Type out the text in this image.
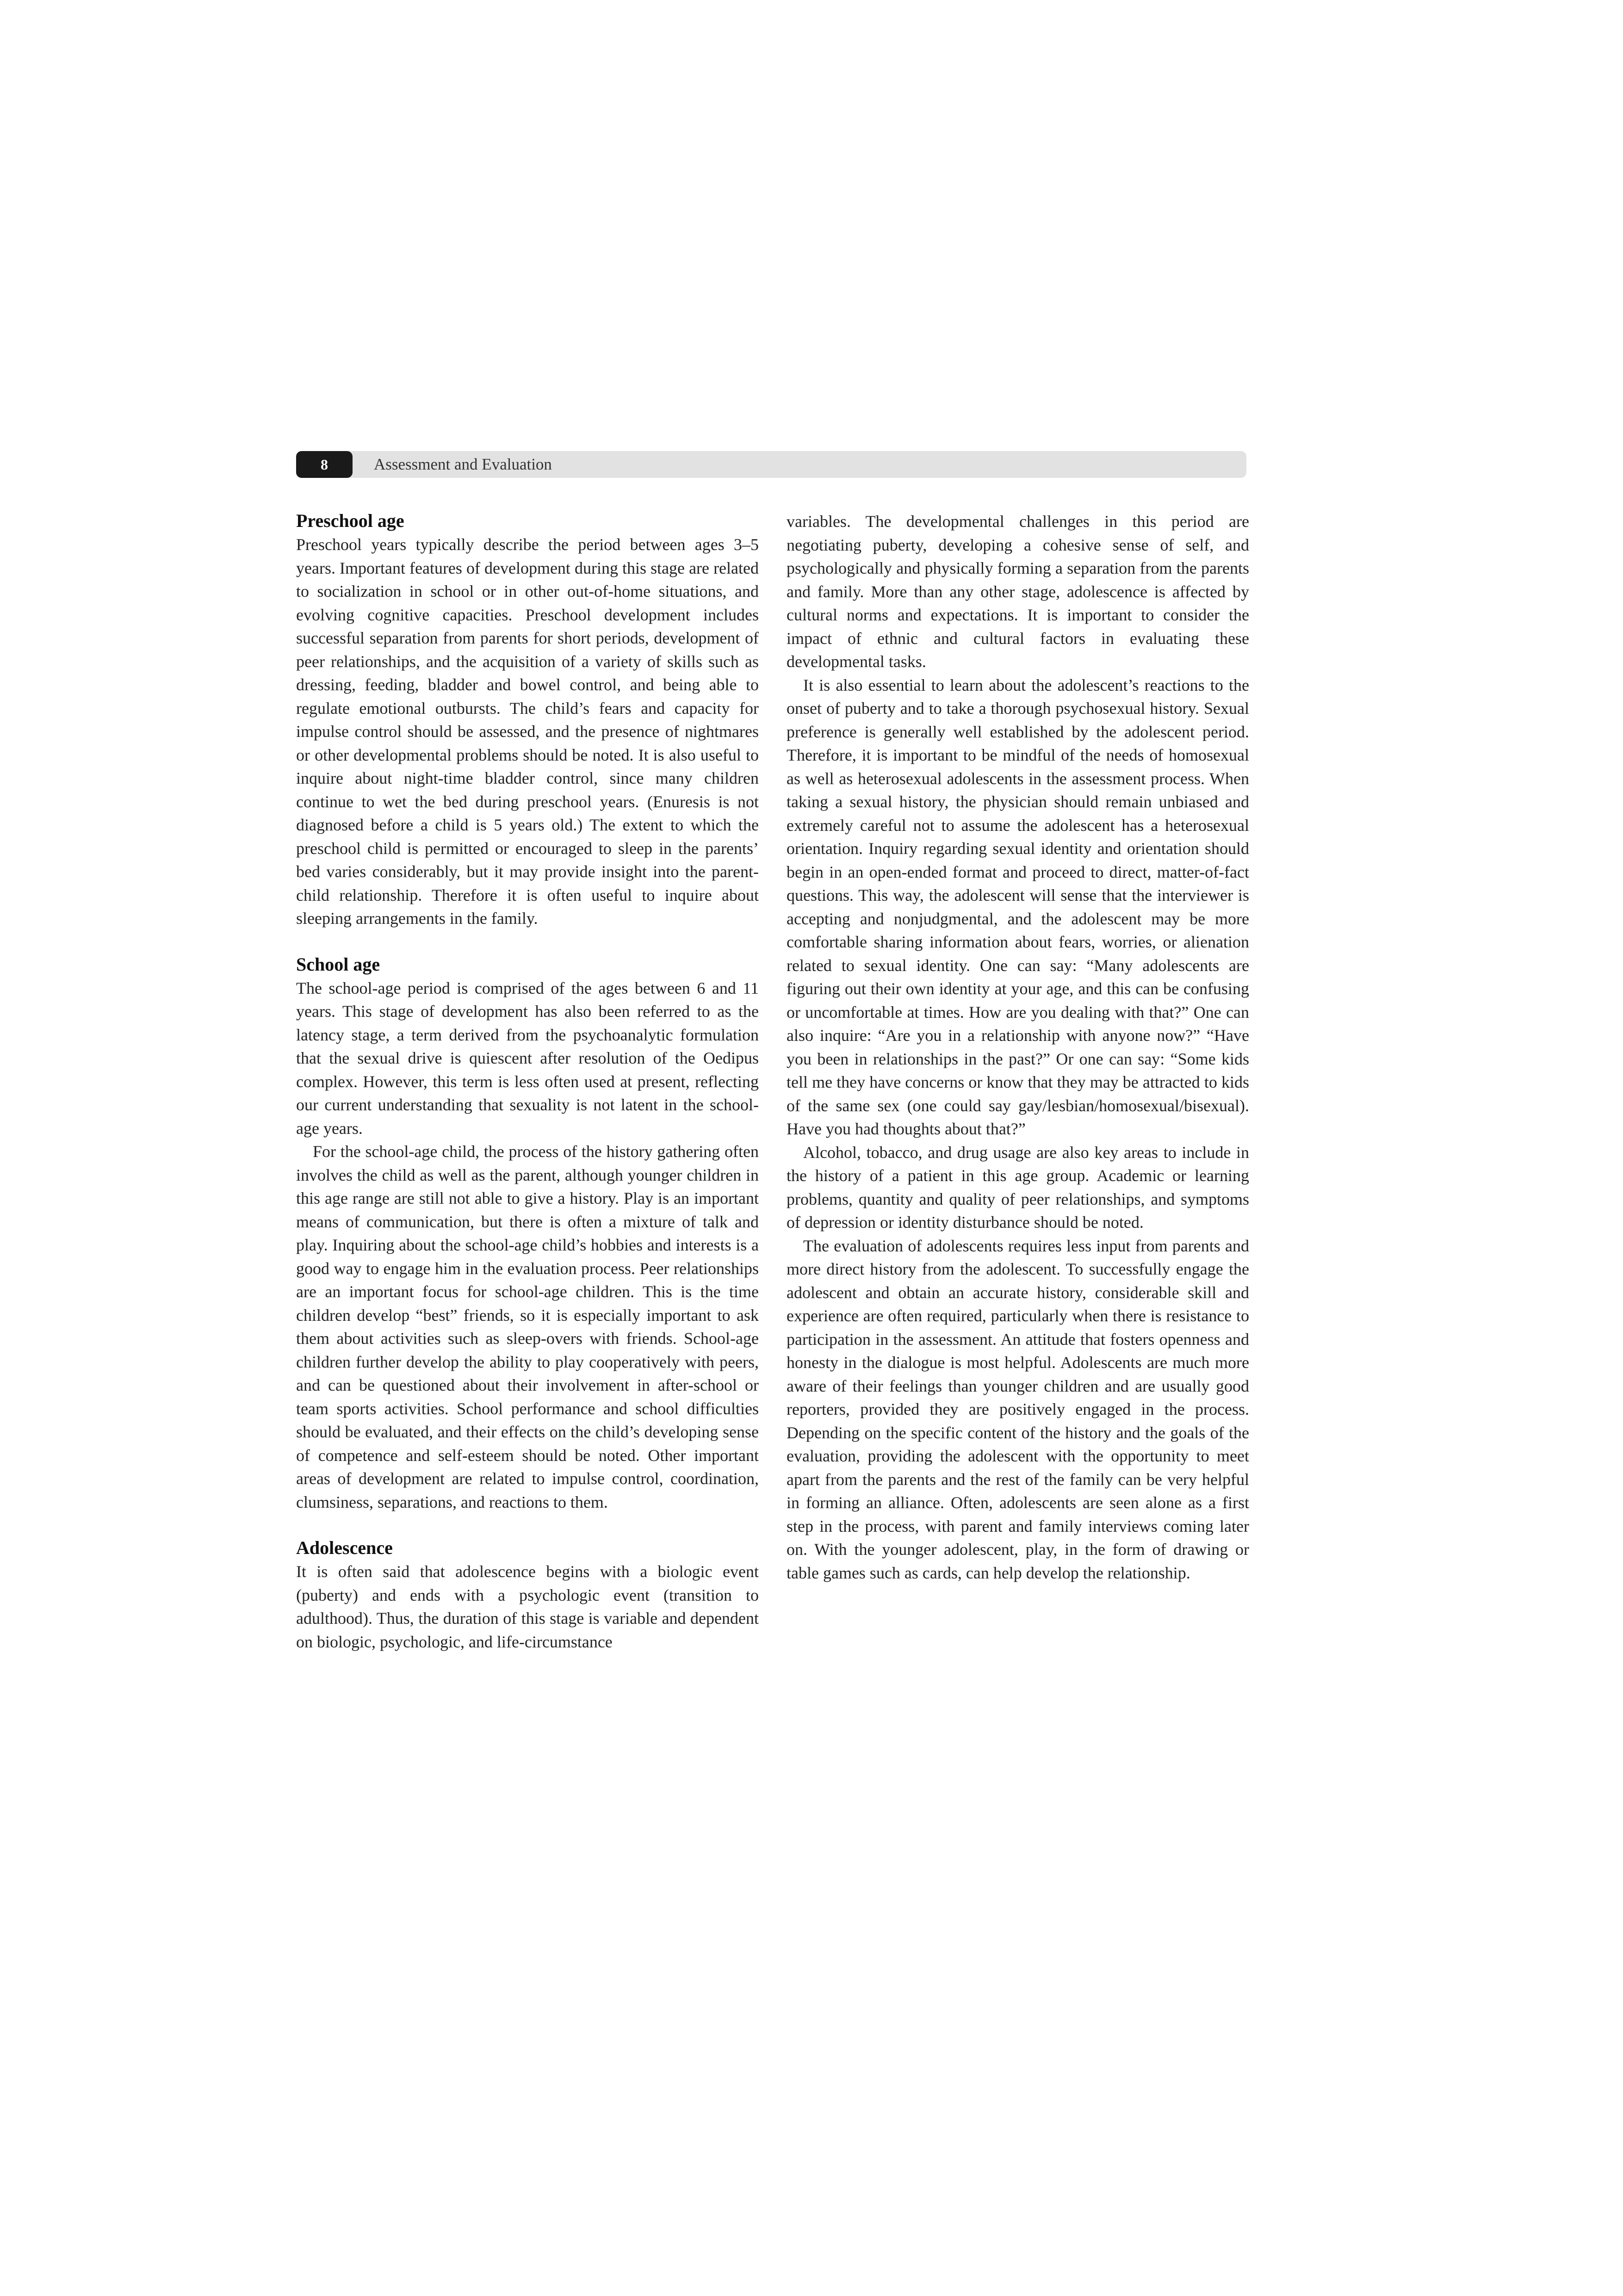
8	Assessment and Evaluation
Preschool age

Preschool years typically describe the period between ages 3–5 years. Important features of development during this stage are related to socialization in school or in other out-of-home situations, and evolving cognitive capacities. Preschool development includes successful separation from parents for short periods, development of peer relationships, and the acquisition of a variety of skills such as dressing, feeding, bladder and bowel control, and being able to regulate emotional outbursts. The child’s fears and capacity for impulse control should be assessed, and the presence of nightmares or other developmental problems should be noted. It is also useful to inquire about night-time bladder control, since many children continue to wet the bed during preschool years. (Enuresis is not diagnosed before a child is 5 years old.) The extent to which the preschool child is permitted or encouraged to sleep in the parents’ bed varies considerably, but it may provide insight into the parent-child relationship. Therefore it is often useful to inquire about sleeping arrangements in the family.

School age

The school-age period is comprised of the ages between 6 and 11 years. This stage of development has also been referred to as the latency stage, a term derived from the psychoanalytic formulation that the sexual drive is quiescent after resolution of the Oedipus complex. However, this term is less often used at present, reflecting our current understanding that sexuality is not latent in the school-age years.

For the school-age child, the process of the history gathering often involves the child as well as the parent, although younger children in this age range are still not able to give a history. Play is an important means of communication, but there is often a mixture of talk and play. Inquiring about the school-age child’s hobbies and interests is a good way to engage him in the evaluation process. Peer relationships are an important focus for school-age children. This is the time children develop “best” friends, so it is especially important to ask them about activities such as sleep-overs with friends. School-age children further develop the ability to play cooperatively with peers, and can be questioned about their involvement in after-school or team sports activities. School performance and school difficulties should be evaluated, and their effects on the child’s developing sense of competence and self-esteem should be noted. Other important areas of development are related to impulse control, coordination, clumsiness, separations, and reactions to them.

Adolescence

It is often said that adolescence begins with a biologic event (puberty) and ends with a psychologic event (transition to adulthood). Thus, the duration of this stage is variable and dependent on biologic, psychologic, and life-circumstance

variables. The developmental challenges in this period are negotiating puberty, developing a cohesive sense of self, and psychologically and physically forming a separation from the parents and family. More than any other stage, adolescence is affected by cultural norms and expectations. It is important to consider the impact of ethnic and cultural factors in evaluating these developmental tasks.

It is also essential to learn about the adolescent’s reactions to the onset of puberty and to take a thorough psychosexual history. Sexual preference is generally well established by the adolescent period. Therefore, it is important to be mindful of the needs of homosexual as well as heterosexual adolescents in the assessment process. When taking a sexual history, the physician should remain unbiased and extremely careful not to assume the adolescent has a heterosexual orientation. Inquiry regarding sexual identity and orientation should begin in an open-ended format and proceed to direct, matter-of-fact questions. This way, the adolescent will sense that the interviewer is accepting and nonjudgmental, and the adolescent may be more comfortable sharing information about fears, worries, or alienation related to sexual identity. One can say: “Many adolescents are figuring out their own identity at your age, and this can be confusing or uncomfortable at times. How are you dealing with that?” One can also inquire: “Are you in a relationship with anyone now?” “Have you been in relationships in the past?” Or one can say: “Some kids tell me they have concerns or know that they may be attracted to kids of the same sex (one could say gay/lesbian/homosexual/bisexual). Have you had thoughts about that?”

Alcohol, tobacco, and drug usage are also key areas to include in the history of a patient in this age group. Academic or learning problems, quantity and quality of peer relationships, and symptoms of depression or identity disturbance should be noted.

The evaluation of adolescents requires less input from parents and more direct history from the adolescent. To successfully engage the adolescent and obtain an accurate history, considerable skill and experience are often required, particularly when there is resistance to participation in the assessment. An attitude that fosters openness and honesty in the dialogue is most helpful. Adolescents are much more aware of their feelings than younger children and are usually good reporters, provided they are positively engaged in the process. Depending on the specific content of the history and the goals of the evaluation, providing the adolescent with the opportunity to meet apart from the parents and the rest of the family can be very helpful in forming an alliance. Often, adolescents are seen alone as a first step in the process, with parent and family interviews coming later on. With the younger adolescent, play, in the form of drawing or table games such as cards, can help develop the relationship.
